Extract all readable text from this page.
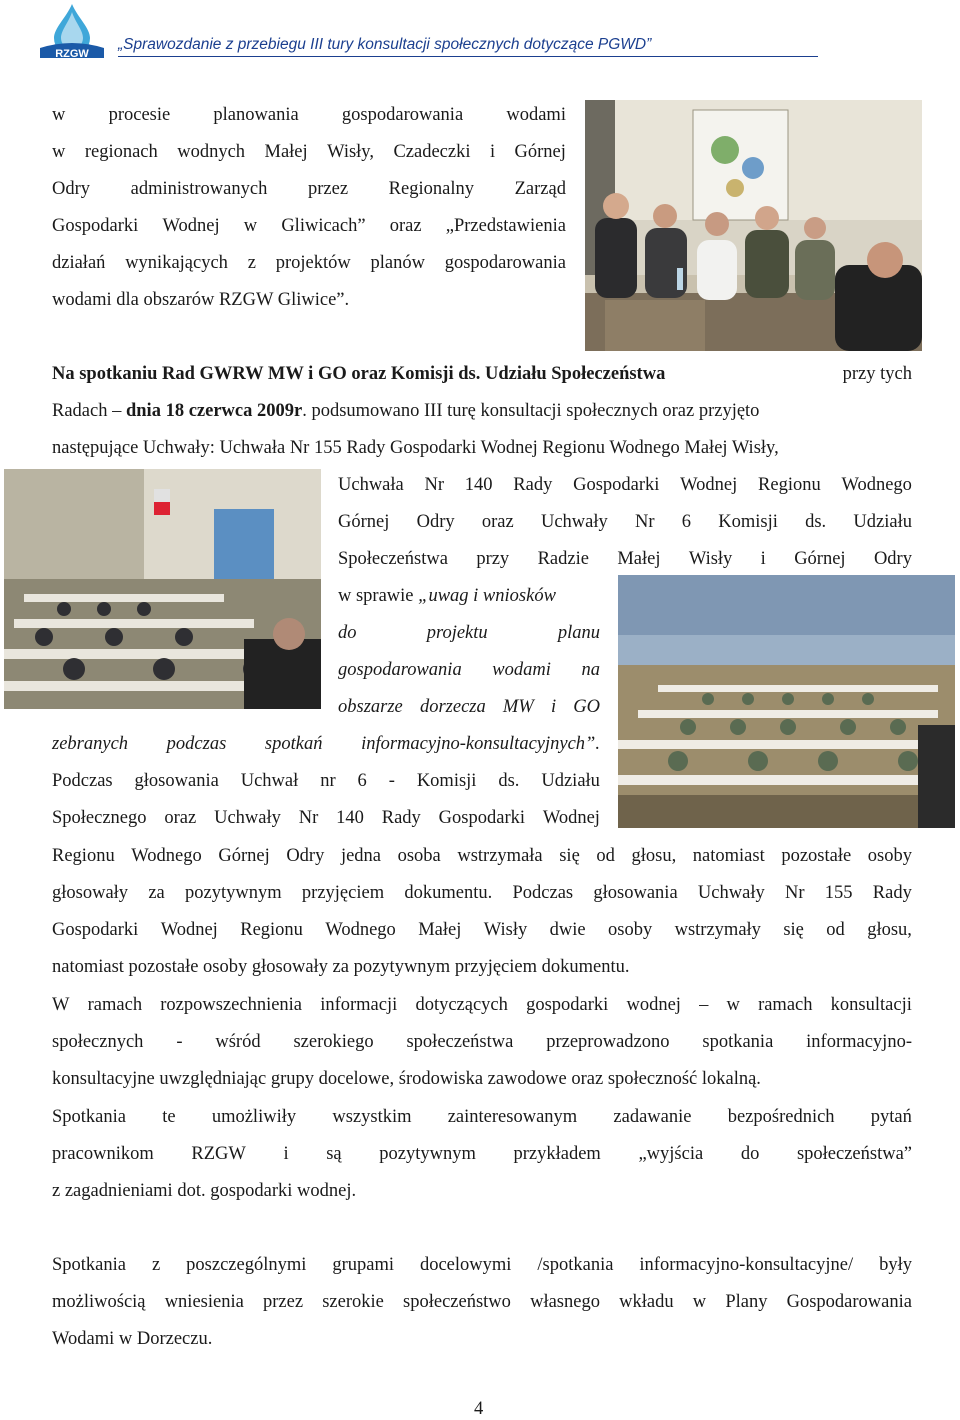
RZGW
„Sprawozdanie z przebiegu III tury konsultacji społecznych dotyczące PGWD”
w procesie planowania gospodarowania wodami
w regionach wodnych Małej Wisły, Czadeczki i Górnej
Odry administrowanych przez Regionalny Zarząd
Gospodarki Wodnej w Gliwicach” oraz „Przedstawienia
działań wynikających z projektów planów gospodarowania
wodami dla obszarów RZGW Gliwice”.
Na spotkaniu Rad GWRW MW i GO oraz Komisji ds. Udziału Społeczeństwa	przy tych
Radach – dnia 18 czerwca 2009r. podsumowano III turę konsultacji społecznych oraz przyjęto
następujące Uchwały: Uchwała Nr 155 Rady Gospodarki Wodnej Regionu Wodnego Małej Wisły,
Uchwała Nr 140 Rady Gospodarki Wodnej Regionu Wodnego
Górnej Odry oraz Uchwały Nr 6 Komisji ds. Udziału
Społeczeństwa przy Radzie Małej Wisły i Górnej Odry
w sprawie „uwag i wniosków
do	projektu	planu
gospodarowania wodami na
obszarze dorzecza MW i GO
zebranych podczas spotkań informacyjno-konsultacyjnych”.
Podczas głosowania Uchwał nr 6 - Komisji ds. Udziału
Społecznego oraz Uchwały Nr 140 Rady Gospodarki Wodnej
Regionu Wodnego Górnej Odry jedna osoba wstrzymała się od głosu, natomiast pozostałe osoby
głosowały za pozytywnym przyjęciem dokumentu. Podczas głosowania Uchwały Nr 155 Rady
Gospodarki Wodnej Regionu Wodnego Małej Wisły dwie osoby wstrzymały się od głosu,
natomiast pozostałe osoby głosowały za pozytywnym przyjęciem dokumentu.
W ramach rozpowszechnienia informacji dotyczących gospodarki wodnej – w ramach konsultacji
społecznych - wśród szerokiego społeczeństwa przeprowadzono spotkania informacyjno-
konsultacyjne uwzględniając grupy docelowe, środowiska zawodowe oraz społeczność lokalną.
Spotkania te umożliwiły wszystkim zainteresowanym zadawanie bezpośrednich pytań
pracownikom RZGW i są pozytywnym przykładem „wyjścia do społeczeństwa”
z zagadnieniami dot. gospodarki wodnej.
Spotkania z poszczególnymi grupami docelowymi /spotkania informacyjno-konsultacyjne/ były
możliwością wniesienia przez szerokie społeczeństwo własnego wkładu w Plany Gospodarowania
Wodami w Dorzeczu.
4
